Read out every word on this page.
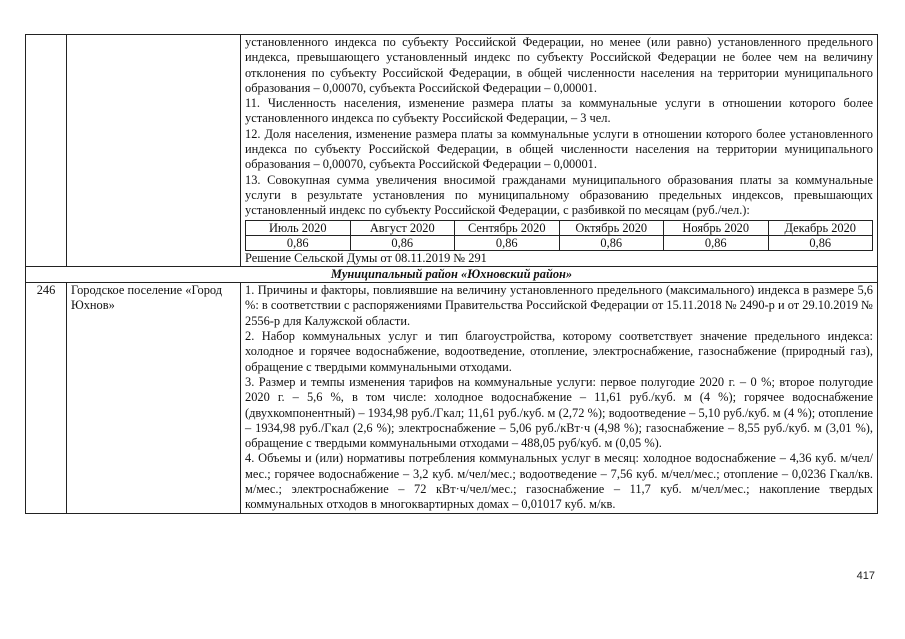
установленного индекса по субъекту Российской Федерации, но менее (или равно) установленного предельного индекса, превышающего установленный индекс по субъекту Российской Федерации не более чем на величину отклонения по субъекту Российской Федерации, в общей численности населения на территории муниципального образования – 0,00070, субъекта Российской Федерации – 0,00001.

11. Численность населения, изменение размера платы за коммунальные услуги в отношении которого более установленного индекса по субъекту Российской Федерации, – 3 чел.

12. Доля населения, изменение размера платы за коммунальные услуги в отношении которого более установленного индекса по субъекту Российской Федерации, в общей численности населения на территории муниципального образования – 0,00070, субъекта Российской Федерации – 0,00001.

13. Совокупная сумма увеличения вносимой гражданами муниципального образования платы за коммунальные услуги в результате установления по муниципальному образованию предельных индексов, превышающих установленный индекс по субъекту Российской Федерации, с разбивкой по месяцам (руб./чел.):

Июль 2020	Август 2020	Сентябрь 2020	Октябрь 2020	Ноябрь 2020	Декабрь 2020
0,86	0,86	0,86	0,86	0,86	0,86

Решение Сельской Думы от 08.11.2019 № 291

Муниципальный район «Юхновский район»
246	Городское поселение «Город Юхнов»	

1. Причины и факторы, повлиявшие на величину установленного предельного (максимального) индекса в размере 5,6 %: в соответствии с распоряжениями Правительства Российской Федерации от 15.11.2018 № 2490-р и от 29.10.2019 № 2556-р для Калужской области.

2. Набор коммунальных услуг и тип благоустройства, которому соответствует значение предельного индекса: холодное и горячее водоснабжение, водоотведение, отопление, электроснабжение, газоснабжение (природный газ), обращение с твердыми коммунальными отходами.

3. Размер и темпы изменения тарифов на коммунальные услуги: первое полугодие 2020 г. – 0 %; второе полугодие 2020 г. – 5,6 %, в том числе: холодное водоснабжение – 11,61 руб./куб. м (4 %); горячее водоснабжение (двухкомпонентный) – 1934,98 руб./Гкал; 11,61 руб./куб. м (2,72 %); водоотведение – 5,10 руб./куб. м (4 %); отопление – 1934,98 руб./Гкал (2,6 %); электроснабжение – 5,06 руб./кВт·ч (4,98 %); газоснабжение – 8,55 руб./куб. м (3,01 %), обращение с твердыми коммунальными отходами – 488,05 руб/куб. м (0,05 %).

4. Объемы и (или) нормативы потребления коммунальных услуг в месяц: холодное водоснабжение – 4,36 куб. м/чел/мес.; горячее водоснабжение – 3,2 куб. м/чел/мес.; водоотведение – 7,56 куб. м/чел/мес.; отопление – 0,0236 Гкал/кв. м/мес.; электроснабжение – 72 кВт·ч/чел/мес.; газоснабжение – 11,7 куб. м/чел/мес.; накопление твердых коммунальных отходов в многоквартирных домах – 0,01017 куб. м/кв.

417
